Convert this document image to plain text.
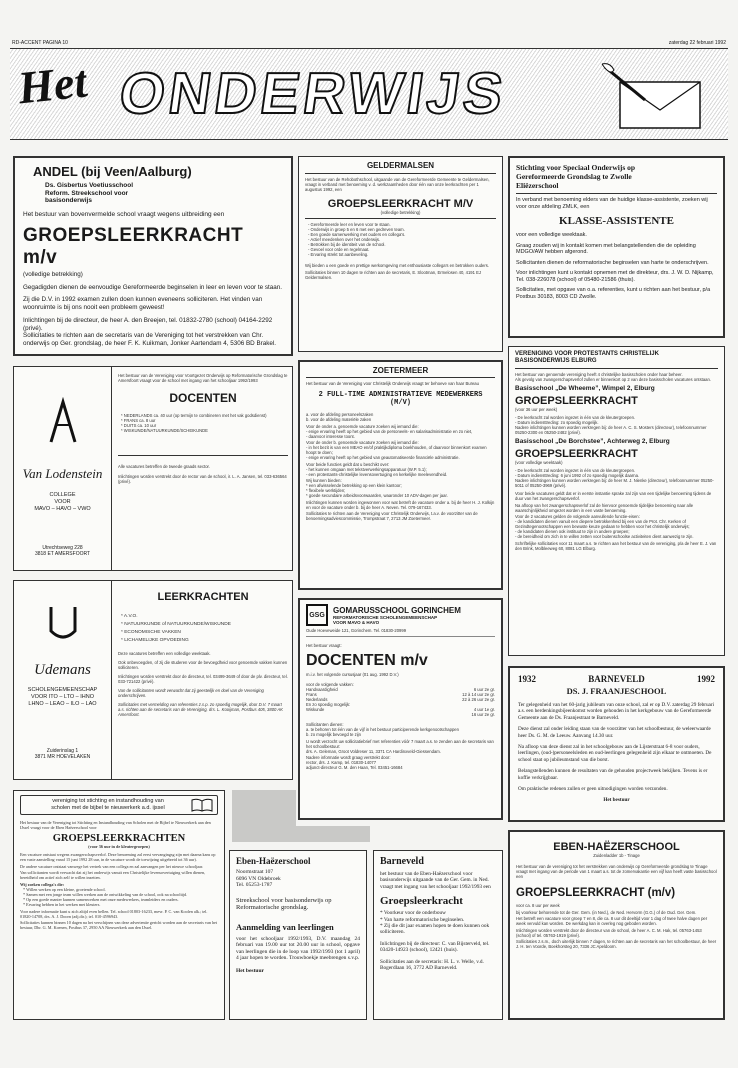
RD-ACCENT PAGINA 10	zaterdag 22 februari 1992
Het ONDERWIJS
ANDEL (bij Veen/Aalburg)
Ds. Gisbertus Voetiusschool
Reform. Streekschool voor
basisonderwijs
Het bestuur van bovenvermelde school vraagt wegens uitbreiding een
GROEPSLEERKRACHT m/v
(volledige betrekking)

Gegadigden dienen de eenvoudige Gereformeerde beginselen in leer en leven voor te staan.

Zij die D.V. in 1992 examen zullen doen kunnen eveneens solliciteren. Het vinden van woonruimte is bij ons nooit een probleem geweest!

Inlichtingen bij de directeur, de heer A. den Breejen, tel. 01832-2780 (school) 04164-2292 (privé).

Sollicitaties te richten aan de secretaris van de Vereniging tot het verstrekken van Chr. onderwijs op Ger. grondslag, de heer F. K. Kuikman, Jonker Aartendam 4, 5306 BD Brakel.

GELDERMALSEN
Het bestuur van de Rehobothschool, uitgaande van de Gereformeerde Gemeente te Geldermalsen, vraagt in verband met benoeming v. d. werkzaamheden door één van onze leerkrachten per 1 augustus 1992, een
GROEPSLEERKRACHT M/V
(volledige betrekking)
- Gereformeerde leer en leven voor te staan.
- Onderwijs in groep 5 en 6 met een gedreven team.
- Een goede samenwerking met ouders en collega's.
- Actief meedenken over het onderwijs.
- Betrokken bij de identiteit van de school.
- Gevoel voor orde en regelmaat.
- Ervaring strekt tot aanbeveling.

Wij bieden u een goede en prettige werkomgeving met enthousiaste collega's en betrokken ouders.

Sollicitaties binnen 10 dagen te richten aan de secretaris, E. Slootman, Ermelosen 40, 4191 EJ Geldermalsen.

Stichting voor Speciaal Onderwijs op
Gereformeerde Grondslag te Zwolle
Eliëzerschool
In verband met benoeming elders van de huidige klasse-assistente, zoeken wij voor onze afdeling ZMLK, een
KLASSE-ASSISTENTE

voor een volledige weektaak.

Graag zouden wij in kontakt komen met belangstellenden die de opleiding MDGO/AW hebben afgerond.

Sollicitanten dienen de reformatorische beginselen van harte te onderschrijven.

Voor inlichtingen kunt u kontakt opnemen met de direkteur, drs. J. W. D. Nijkamp, Tel. 038-226078 (school) of 05480-21586 (thuis).

Sollicitaties, met opgave van o.a. referenties, kunt u richten aan het bestuur, p/a Postbus 30183, 8003 CD Zwolle.

Van Lodenstein
COLLEGE
VOOR
MAVO – HAVO – VWO
Utrechtseweg 228
3818 ET AMERSFOORT
Het bestuur van de Vereniging voor Voortgezet Onderwijs op Reformatorische Grondslag te Amersfoort vraagt voor de school met ingang van het schooljaar 1992/1993
DOCENTEN
* NEDERLANDS ca. 40 uur (op termijn te combineren met het vak godsdienst)
* FRANS ca. 8 uur
* DUITS ca. 10 uur
* WISKUNDE/NATUURKUNDE/SCHEIKUNDE
Alle vacatures betreffen de tweede graads sector.
Inlichtingen worden verstrekt door de rector van de school, ir. L. A. Jansen, tel. 033-636564 (privé).
Udemans
SCHOLENGEMEENSCHAP
VOOR ITO – LTO – IHNO
LHNO – LEAO – ILO – LAO
Zuiderinslag 1
3871 MR HOEVELAKEN
LEERKRACHTEN
* A.V.O.
* NATUURKUNDE of NATUURKUNDE/WISKUNDE
* ECONOMISCHE VAKKEN
* LICHAMELIJKE OPVOEDING
Deze vacatures betreffen een volledige weektaak.
Ook onbevoegden, of zij die studeren voor de bevoegdheid voor genoemde vakken kunnen solliciteren.
Inlichtingen worden verstrekt door de directeur, tel. 03499-3649 of door de plv. directeur, tel. 033-721422 (privé).
Van de sollicitanten wordt verwacht dat zij geestelijk en doel van de Vereniging onderschrijven.
Sollicitaties met vermelding van referenties z.s.p. zo spoedig mogelijk, door D.V. 7 maart a.s. richten aan de secretaris van de Vereniging, drs. L. Kooijman, Postbus 405, 3800 AK Amersfoort.
ZOETERMEER
Het bestuur van de Vereniging voor Christelijk Onderwijs vraagt ter behoeve van haar Bureau
2 FULL-TIME ADMINISTRATIEVE MEDEWERKERS (M/V)

a. voor de afdeling personeelszaken

b. voor de afdeling materiële zaken

Voor de onder a. genoemde vacature zoeken wij iemand die:

- enige ervaring heeft op het gebied van de personeels- en salarisadministratie en zo niet,

- daarvoor interesse toont.

Voor de onder b. genoemde vacature zoeken wij iemand die:

- in het bezit is van een MEAO en/of praktijkdiploma boekhouden, of daarvoor binnenkort examen hoopt te doen;

- enige ervaring heeft op het gebied van geautomatiseerde financiële administratie.

Voor beide functies geldt dat u beschikt over:

- het kunnen omgaan met tekstverwerkingsapparatuur (W.P. 5.1);

- een protestants-christelijke levensovertuiging en kerkelijke meelevendheid.

Wij kunnen bieden:

* een afwisselende betrekking op een klein kantoor;

* flexibele werktijden;

* goede secundaire arbeidsvoorwaarden, waaronder 10 ADV-dagen per jaar.

Inlichtingen kunnen worden ingewonnen voor wat betreft de vacature onder a. bij de heer H. J. Kolkijn en voor de vacature onder b. bij de heer A. Neven. Tel. 079-167433.

Sollicitaties te richten aan de Vereniging voor Christelijk Onderwijs, t.a.v. de voorzitter van de benoemingsadviescommissie, Trompstraat 7, 2713 JM Zoetermeer.

GSG
GOMARUSSCHOOL GORINCHEM
REFORMATORISCHE SCHOLENGEMEENSCHAP
VOOR MAVO & HAVO
Oude Hoeveweide 121, Gorinchem. Tel. 01830-20999
Het bestuur vraagt:
DOCENTEN m/v
m.i.v. het volgende cursusjaar (01 aug. 1992 D.V.)
voor de volgende vakken:	
Handvaardigheid	6 uur 2e gr.
Frans	12 à 14 uur 2e gr.
Nederlands	22 à 26 uur 2e gr.
En zo spoedig mogelijk:	
Wiskunde	4 uur 1e gr.
	16 uur 2e gr.

Sollicitanten dienen:

a. te behoren tot één van de vijf in het bestuur participerende kerkgenootschappen

b. zo mogelijk bevoegd te zijn

U wordt verzocht uw sollicitatiebrief met referenties vóór 7 maart a.s. te zenden aan de secretaris van het schoolbestuur:

drs. A. Geleman, Groot Voldreser 11, 3371 CA Hardinxveld-Giessendam.

Nadere informatie wordt graag verstrekt door:

rector, drs. J. Kamp, tel. 01830-14077

adjunct-directeur G. M. den Haan, Tel. 03451-16684

VERENIGING VOOR PROTESTANTS CHRISTELIJK
BASISONDERWIJS ELBURG
Het bestuur van genoemde vereniging heeft 4 christelijke basisscholen onder haar beheer.
Als gevolg van zwangerschapsverlof zullen er binnenkort op 2 van deze basisscholen vacatures ontstaan.
Basisschool „De Wheeme”, Wimpel 2, Elburg
GROEPSLEERKRACHT
(voor 36 uur per week)

- De leerkracht zal worden ingezet in één van de kleutergroepen.

- Datum indiensttreding: zo spoedig mogelijk.

Nadere inlichtingen kunnen worden verkregen bij: de heer A. C. S. Mosters (directeur), telefoonnummer 05250-2300 en 05250-2482 (privé).

Basisschool „De Borchstee”, Achterweg 2, Elburg
GROEPSLEERKRACHT
(voor volledige weektaak)

- De leerkracht zal worden ingezet in één van de kleutergroepen.

- Datum indiensttreding: 6 juni 1992 of zo spoedig mogelijk daarna.

Nadere inlichtingen kunnen worden verkregen bij: de heer M. J. Nienke (directeur), telefoonnummer 05250-5011 of 05250-3969 (privé).

Voor beide vacatures geldt dat er in eerste instantie sprake zal zijn van een tijdelijke benoeming tijdens de duur van het zwangerschapsverlof.

Na afloop van het zwangerschapsverlof zal de hiervoor genoemde tijdelijke benoeming naar alle waarschijnlijkheid omgezet worden in een vaste benoeming.

Voor de 2 vacatures gelden de volgende aanvullende functie-eisen:

- de kandidaten dienen vanuit een diepere betrokkenheid bij een van de Prot. Chr. Kerken of Gezindtegenootschappen een bewuste keuze gedaan te hebben voor het christelijk onderwijs;

- de kandidaten dienen ook instituut te zijn in andere groepen;

- de bereidheid om zich in te willen zetten voor buitenschoolse activiteiten dient aanwezig te zijn.

Schriftelijke sollicitaties voor 11 maart a.s. te richten aan het bestuur van de vereniging, p/a de heer E. J. van den Brink, Molbleeweg 60, 8081 LG Elburg.

1932	BARNEVELD	1992
DS. J. FRAANJESCHOOL

Ter gelegenheid van het 60-jarig jubileum van onze school, zal er op D.V. zaterdag 29 februari a.s. een herdenkingsbijeenkomst worden gehouden in het kerkgebouw van de Gereformeerde Gemeente aan de Ds. Fraanjestraat te Barneveld.

Deze dienst zal onder leiding staan van de voorzitter van het schoolbestuur, de weleerwaarde heer Ds. G. M. de Leeuw. Aanvang 14.30 uur.

Na afloop van deze dienst zal in het schoolgebouw aan de Lijsterstraat 6-8 voor ouders, leerlingen, (oud-)personeelsleden en oud-leerlingen gelegenheid zijn elkaar te ontmoeten. De school staat op jubileumstand van die borst.

Belangstellenden kunnen de resultaten van de gehouden projectweek bekijken. Tevens is er koffie verkrijgbaar.

Om praktische redenen zullen er geen uitnodigingen worden verzonden.

Het bestuur

vereniging tot stichting en instandhouding van
scholen met de bijbel te nieuwerkerk a.d. ijssel
Het bestuur van de Vereniging tot Stichting en Instandhouding van Scholen met de Bijbel te Nieuwerkerk aan den IJssel vraagt voor de Eben Haëzerschool voor
GROEPSLEERKRACHTEN
(voor 36 uur in de kleutergroepen)

Een vacature ontstaat wegens zwangerschapsverlof. Deze benoeming zal eerst vervangingsg zijn met daarna kans op een vaste aanstelling vanaf 15 juni 1992 28 uur, in de vacature wordt de toewijzing uitgebreid tot 36 uur).

De andere vacature ontstaat vanwege het vertrek van een collega en zal aanvangen per het nieuwe schooljaar.

Van sollicitanten wordt verwacht dat zij het onderwijs vanuit een Christelijke levensovertuiging willen dienen, bereidheid om actief zich zelf te willen inzetten.

Wij zoeken collega's die:

* Willen werken op een kleine, groeiende school.
* Samen met een jonge team willen werken aan de ontwikkeling van de school, ook na schooltijd.
* Op een goede manier kunnen samenwerken met onze medewerkers, teamleiders en ouders.
* Ervaring hebben in het werken met kleuters.

Voor nadere informatie kunt u zich altijd even bellen. Tel. school 01803-16233, mevr. P. C. van Koolen alk.; tel. 01820-14708, drs. A. J. Doorn (adj.dir.); tel. 010-4596943.

Sollicitaties kunnen binnen 10 dagen na het verschijnen van deze advertentie gericht worden aan de secretaris van het bestuur, Dhr. G. M. Koenen, Postbus 37, 2950 AA Nieuwerkerk aan den IJssel.

Eben-Haëzerschool
Noormstraat 107
6096 VN Oldebroek
Tel. 05253-1787
Streekschool voor basisonderwijs op Reformatorische grondslag.
Aanmelding van leerlingen
voor het schooljaar 1992/1993, D.V. maandag 24 februari van 19.00 uur tot 20.00 uur in school, opgave van leerlingen die in de loop van 1992/1993 (tot 1 april) 4 jaar hopen te worden. Trouwboekje meebrengen s.v.p.
Het bestuur
Barneveld
het bestuur van de Eben-Haëzerschool voor basisonderwijs uitgaande van de Ger. Gem. in Ned. vraagt met ingang van het schooljaar 1992/1993 een
Groepsleerkracht
• * Voorkeur voor de onderbouw
• * Van harte reformatorische beginselen.
• * Zij die dit jaar examen hopen te doen kunnen ook solliciteren.
Inlichtingen bij de directeur: C. van Bijsterveld, tel. 03420-14923 (school), 12421 (huis).
Sollicitaties aan de secretaris: H. L. v. Welle, v.d. Bogerdlaan 16, 3772 AD Barneveld.
EBEN-HAËZERSCHOOL
Zuidenladder 1b - Tinage
Het bestuur van de vereniging tot het verstrekken van onderwijs op Gereformeerde grondslag te Tinage vraagt met ingang van de periode van 1 maart a.s. tot de zomervakantie een vijf kan heeft vaste basisschool een
GROEPSLEERKRACHT (m/v)

voor ca. 8 uur per week

bij voorkeur behorende tot de Ger. Gem. (in Ned.), de Ned. Hervorm (G.G.) of de Oud. Ger. Gem.

Het betreft een vacature voor groep 7 en 8, die ca. 8 uur dit deeltijd voor 1 dag of twee halve dagen per week vervuld kan worden. De werkdag kan in overleg nog geboden worden.

Inlichtingen worden verstrekt door de directeur van de school, de heer A. C. M. Hak, tel. 05763-1453 (school) of tel. 05763-1919 (privé).

Sollicitaties z.s.m., doch uiterlijk binnen 7 dagen, te richten aan de secretaris van het schoolbestuur, de heer J. H. ten Voorde, Boekhorsteg 20, 7336 JC Apeldoorn.
